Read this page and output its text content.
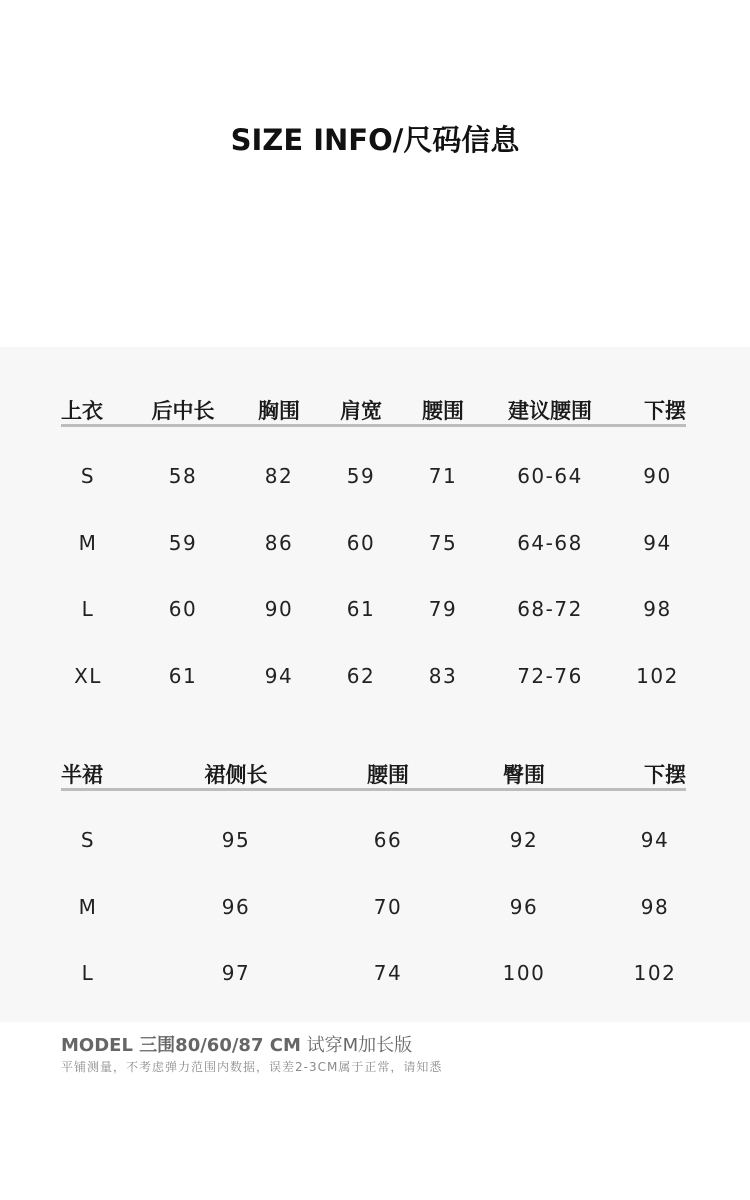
SIZE INFO/尺码信息
上衣	后中长	胸围	肩宽	腰围	建议腰围	下摆
S	58	82	59	71	60-64	90
M	59	86	60	75	64-68	94
L	60	90	61	79	68-72	98
XL	61	94	62	83	72-76	102
半裙	裙侧长	腰围	臀围	下摆
S	95	66	92	94
M	96	70	96	98
L	97	74	100	102
MODEL 三围80/60/87 CM 试穿M加长版
平铺测量，不考虑弹力范围内数据，误差2-3CM属于正常，请知悉
